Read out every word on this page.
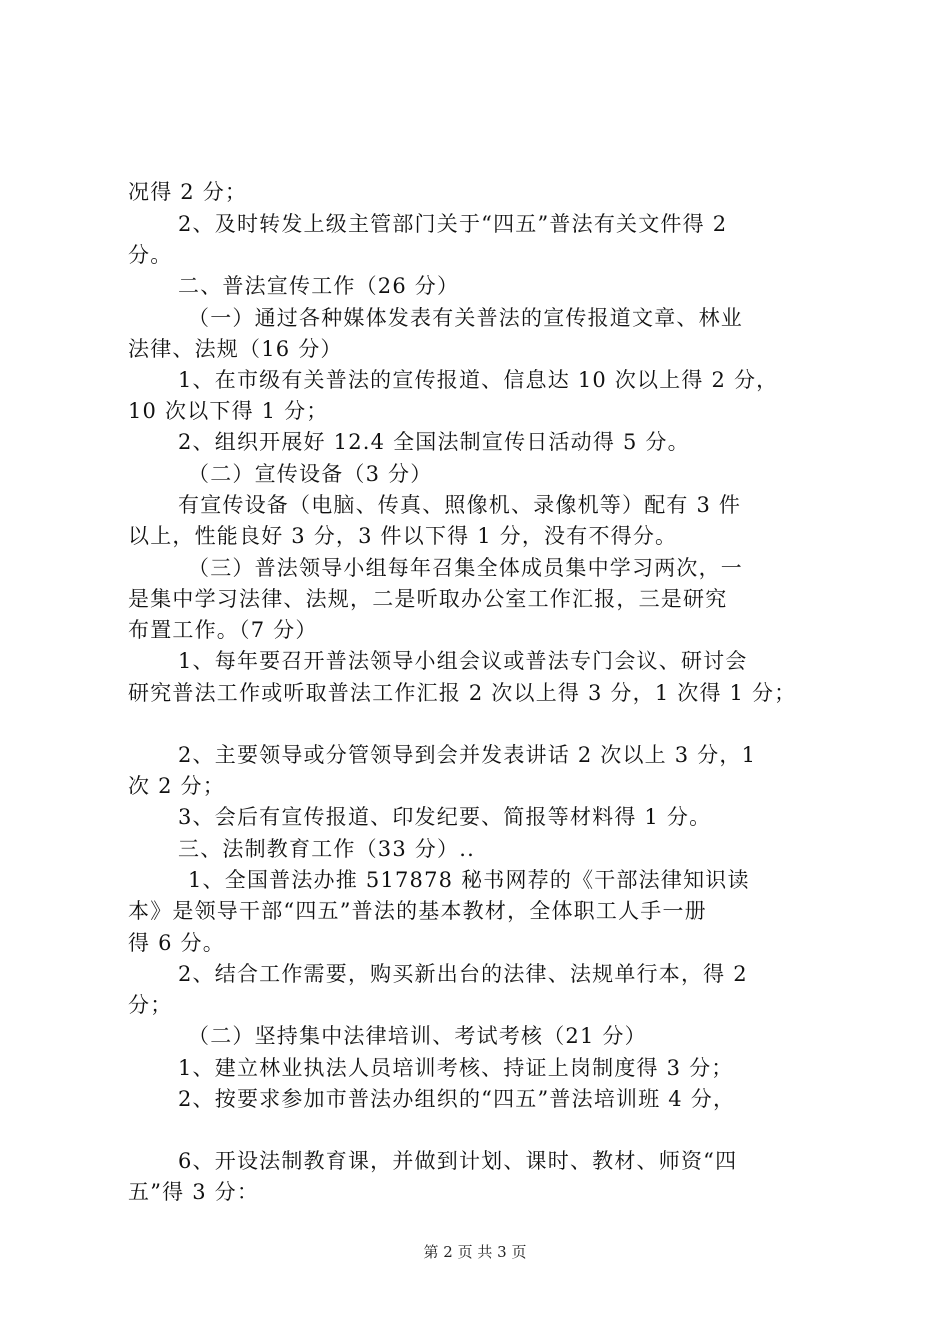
况得 2 分；
2、及时转发上级主管部门关于“四五”普法有关文件得 2
分。
二、普法宣传工作（26 分）
（一）通过各种媒体发表有关普法的宣传报道文章、林业
法律、法规（16 分）
1、在市级有关普法的宣传报道、信息达 10 次以上得 2 分，
10 次以下得 1 分；
2、组织开展好 12.4 全国法制宣传日活动得 5 分。
（二）宣传设备（3 分）
有宣传设备（电脑、传真、照像机、录像机等）配有 3 件
以上，性能良好 3 分，3 件以下得 1 分，没有不得分。
（三）普法领导小组每年召集全体成员集中学习两次，一
是集中学习法律、法规，二是听取办公室工作汇报，三是研究
布置工作。（7 分）
1、每年要召开普法领导小组会议或普法专门会议、研讨会
研究普法工作或听取普法工作汇报 2 次以上得 3 分，1 次得 1 分；
2、主要领导或分管领导到会并发表讲话 2 次以上 3 分，1
次 2 分；
3、会后有宣传报道、印发纪要、简报等材料得 1 分。
三、法制教育工作（33 分）..
1、全国普法办推 517878 秘书网荐的《干部法律知识读
本》是领导干部“四五”普法的基本教材，全体职工人手一册
得 6 分。
2、结合工作需要，购买新出台的法律、法规单行本，得 2
分；
（二）坚持集中法律培训、考试考核（21 分）
1、建立林业执法人员培训考核、持证上岗制度得 3 分；
2、按要求参加市普法办组织的“四五”普法培训班 4 分，
6、开设法制教育课，并做到计划、课时、教材、师资“四
五”得 3 分：
第 2 页 共 3 页
